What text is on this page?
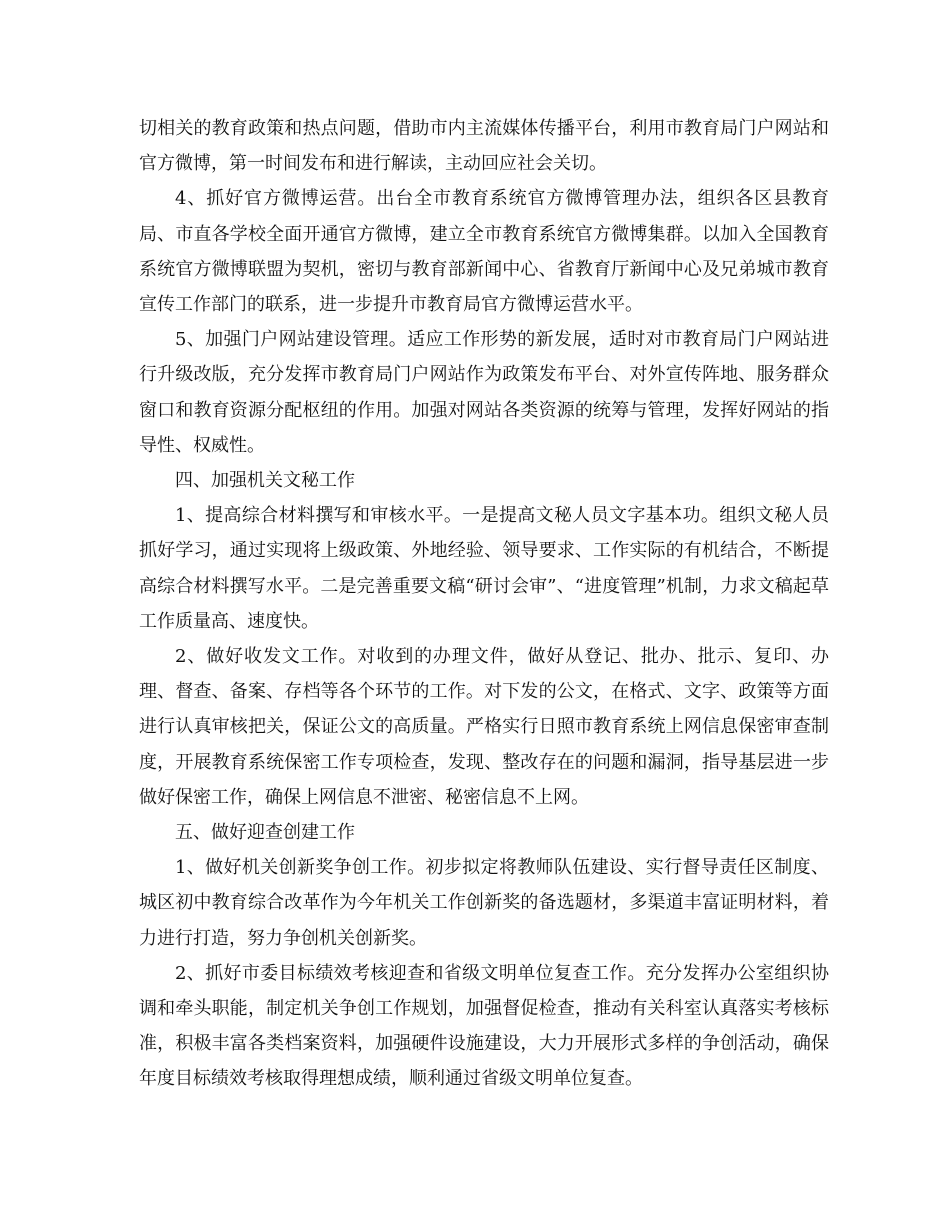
切相关的教育政策和热点问题，借助市内主流媒体传播平台，利用市教育局门户网站和官方微博，第一时间发布和进行解读，主动回应社会关切。

4、抓好官方微博运营。出台全市教育系统官方微博管理办法，组织各区县教育局、市直各学校全面开通官方微博，建立全市教育系统官方微博集群。以加入全国教育系统官方微博联盟为契机，密切与教育部新闻中心、省教育厅新闻中心及兄弟城市教育宣传工作部门的联系，进一步提升市教育局官方微博运营水平。

5、加强门户网站建设管理。适应工作形势的新发展，适时对市教育局门户网站进行升级改版，充分发挥市教育局门户网站作为政策发布平台、对外宣传阵地、服务群众窗口和教育资源分配枢纽的作用。加强对网站各类资源的统筹与管理，发挥好网站的指导性、权威性。

四、加强机关文秘工作

1、提高综合材料撰写和审核水平。一是提高文秘人员文字基本功。组织文秘人员抓好学习，通过实现将上级政策、外地经验、领导要求、工作实际的有机结合，不断提高综合材料撰写水平。二是完善重要文稿“研讨会审”、“进度管理”机制，力求文稿起草工作质量高、速度快。

2、做好收发文工作。对收到的办理文件，做好从登记、批办、批示、复印、办理、督查、备案、存档等各个环节的工作。对下发的公文，在格式、文字、政策等方面进行认真审核把关，保证公文的高质量。严格实行日照市教育系统上网信息保密审查制度，开展教育系统保密工作专项检查，发现、整改存在的问题和漏洞，指导基层进一步做好保密工作，确保上网信息不泄密、秘密信息不上网。

五、做好迎查创建工作

1、做好机关创新奖争创工作。初步拟定将教师队伍建设、实行督导责任区制度、城区初中教育综合改革作为今年机关工作创新奖的备选题材，多渠道丰富证明材料，着力进行打造，努力争创机关创新奖。

2、抓好市委目标绩效考核迎查和省级文明单位复查工作。充分发挥办公室组织协调和牵头职能，制定机关争创工作规划，加强督促检查，推动有关科室认真落实考核标准，积极丰富各类档案资料，加强硬件设施建设，大力开展形式多样的争创活动，确保年度目标绩效考核取得理想成绩，顺利通过省级文明单位复查。
